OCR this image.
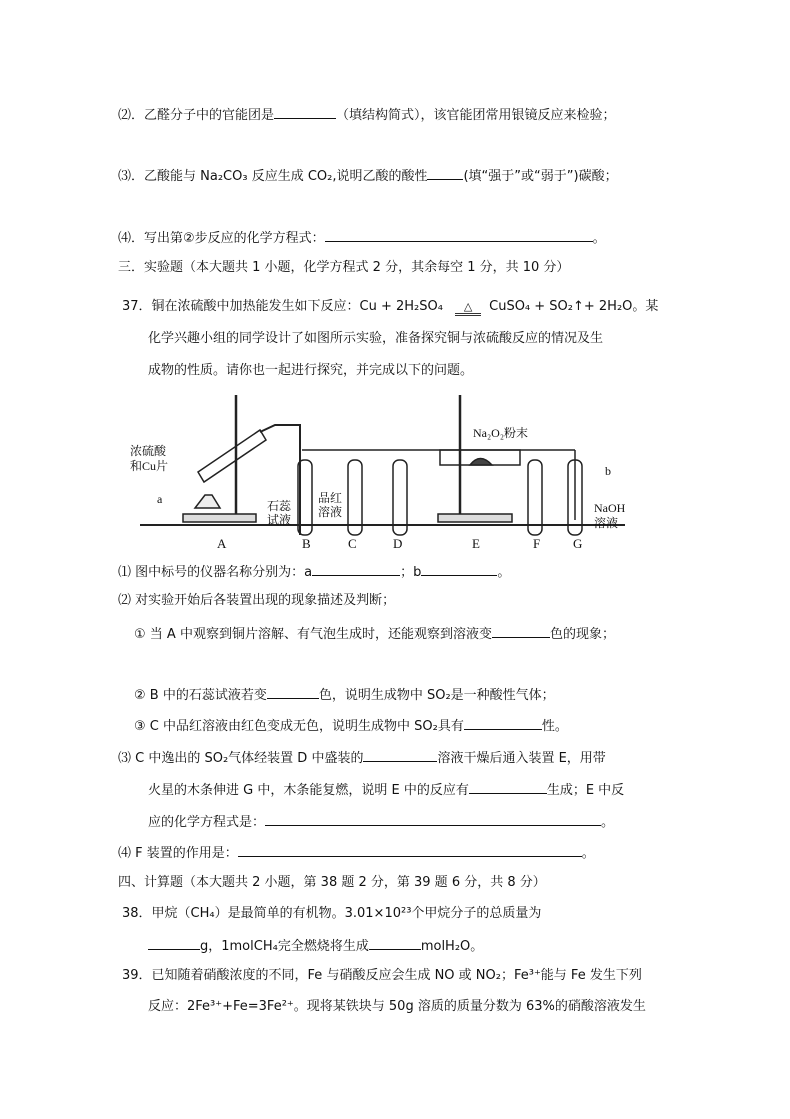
⑵．乙醛分子中的官能团是	（填结构简式），该官能团常用银镜反应来检验；
⑶．乙酸能与 Na₂CO₃ 反应生成 CO₂,说明乙酸的酸性	(填“强于”或“弱于”)碳酸；
⑷．写出第②步反应的化学方程式：	。
三．实验题（本大题共 1 小题，化学方程式 2 分，其余每空 1 分，共 10 分）
37．铜在浓硫酸中加热能发生如下反应：Cu + 2H₂SO₄ △ CuSO₄ + SO₂↑+ 2H₂O。某
化学兴趣小组的同学设计了如图所示实验，准备探究铜与浓硫酸反应的情况及生
成物的性质。请你也一起进行探究，并完成以下的问题。
浓硫酸
和Cu片
a
b
石蕊
试液
品红
溶液
Na₂O₂粉末
NaOH
溶液
A	B	C	D	E	F	G
⑴ 图中标号的仪器名称分别为：a	；b	。
⑵ 对实验开始后各装置出现的现象描述及判断；
① 当 A 中观察到铜片溶解、有气泡生成时，还能观察到溶液变	色的现象；
② B 中的石蕊试液若变	色，说明生成物中 SO₂是一种酸性气体；
③ C 中品红溶液由红色变成无色，说明生成物中 SO₂具有	性。
⑶ C 中逸出的 SO₂气体经装置 D 中盛装的	溶液干燥后通入装置 E，用带
火星的木条伸进 G 中，木条能复燃，说明 E 中的反应有	生成；E 中反
应的化学方程式是：	。
⑷ F 装置的作用是：	。
四、计算题（本大题共 2 小题，第 38 题 2 分，第 39 题 6 分，共 8 分）
38．甲烷（CH₄）是最简单的有机物。3.01×10²³个甲烷分子的总质量为
g，1molCH₄完全燃烧将生成	molH₂O。
39．已知随着硝酸浓度的不同，Fe 与硝酸反应会生成 NO 或 NO₂；Fe³⁺能与 Fe 发生下列
反应：2Fe³⁺+Fe=3Fe²⁺。现将某铁块与 50g 溶质的质量分数为 63%的硝酸溶液发生
